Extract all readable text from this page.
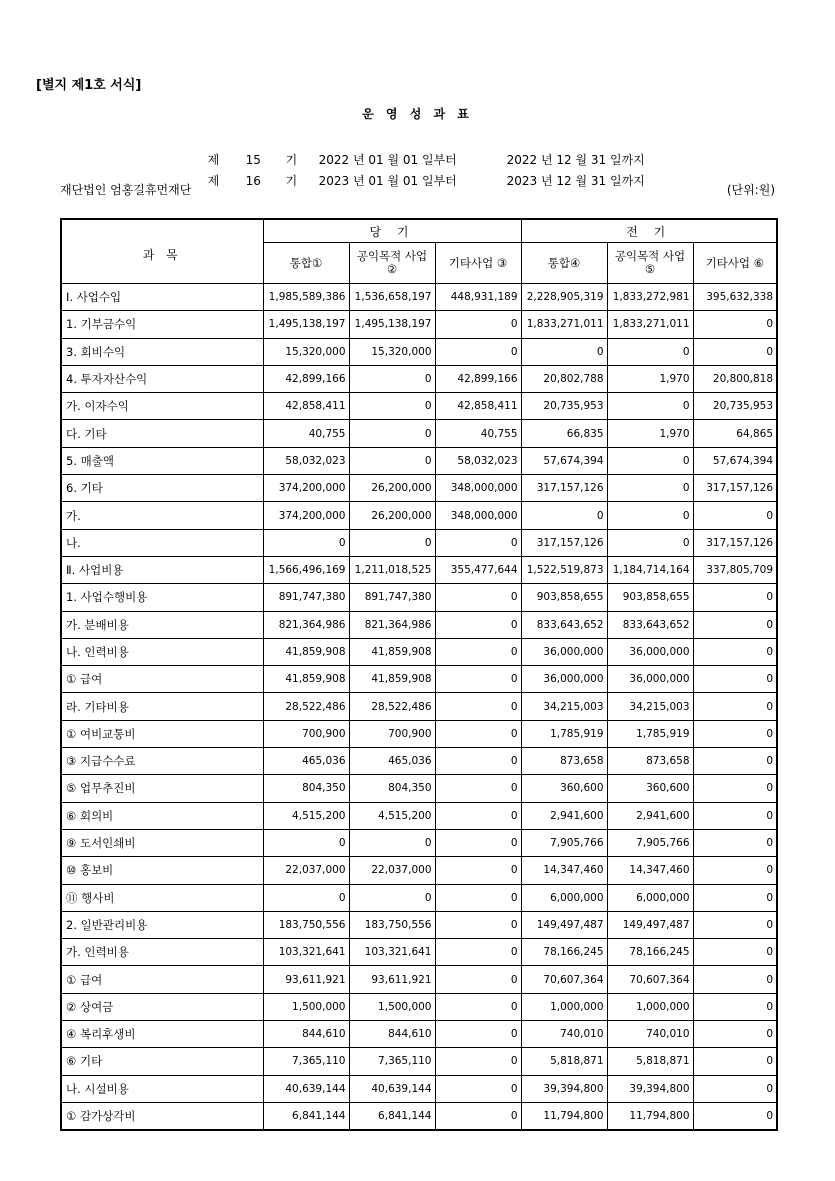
[별지 제1호 서식]
운 영 성 과 표

제 15 기 2022 년 01 월 01 일부터	2022 년 12 월 31 일까지

제 16 기 2023 년 01 월 01 일부터	2023 년 12 월 31 일까지

재단법인 엄홍길휴먼재단	(단위:원)
과 목	당 기			전 기		
	통합①	공익목적 사업②	기타사업 ③	통합④	공익목적 사업⑤	기타사업 ⑥
Ⅰ. 사업수입	1,985,589,386	1,536,658,197	448,931,189	2,228,905,319	1,833,272,981	395,632,338
1. 기부금수익	1,495,138,197	1,495,138,197	0	1,833,271,011	1,833,271,011	0
3. 회비수익	15,320,000	15,320,000	0	0	0	0
4. 투자자산수익	42,899,166	0	42,899,166	20,802,788	1,970	20,800,818
가. 이자수익	42,858,411	0	42,858,411	20,735,953	0	20,735,953
다. 기타	40,755	0	40,755	66,835	1,970	64,865
5. 매출액	58,032,023	0	58,032,023	57,674,394	0	57,674,394
6. 기타	374,200,000	26,200,000	348,000,000	317,157,126	0	317,157,126
가.	374,200,000	26,200,000	348,000,000	0	0	0
나.	0	0	0	317,157,126	0	317,157,126
Ⅱ. 사업비용	1,566,496,169	1,211,018,525	355,477,644	1,522,519,873	1,184,714,164	337,805,709
1. 사업수행비용	891,747,380	891,747,380	0	903,858,655	903,858,655	0
가. 분배비용	821,364,986	821,364,986	0	833,643,652	833,643,652	0
나. 인력비용	41,859,908	41,859,908	0	36,000,000	36,000,000	0
① 급여	41,859,908	41,859,908	0	36,000,000	36,000,000	0
라. 기타비용	28,522,486	28,522,486	0	34,215,003	34,215,003	0
① 여비교통비	700,900	700,900	0	1,785,919	1,785,919	0
③ 지급수수료	465,036	465,036	0	873,658	873,658	0
⑤ 업무추진비	804,350	804,350	0	360,600	360,600	0
⑥ 회의비	4,515,200	4,515,200	0	2,941,600	2,941,600	0
⑨ 도서인쇄비	0	0	0	7,905,766	7,905,766	0
⑩ 홍보비	22,037,000	22,037,000	0	14,347,460	14,347,460	0
⑪ 행사비	0	0	0	6,000,000	6,000,000	0
2. 일반관리비용	183,750,556	183,750,556	0	149,497,487	149,497,487	0
가. 인력비용	103,321,641	103,321,641	0	78,166,245	78,166,245	0
① 급여	93,611,921	93,611,921	0	70,607,364	70,607,364	0
② 상여금	1,500,000	1,500,000	0	1,000,000	1,000,000	0
④ 복리후생비	844,610	844,610	0	740,010	740,010	0
⑥ 기타	7,365,110	7,365,110	0	5,818,871	5,818,871	0
나. 시설비용	40,639,144	40,639,144	0	39,394,800	39,394,800	0
① 감가상각비	6,841,144	6,841,144	0	11,794,800	11,794,800	0
